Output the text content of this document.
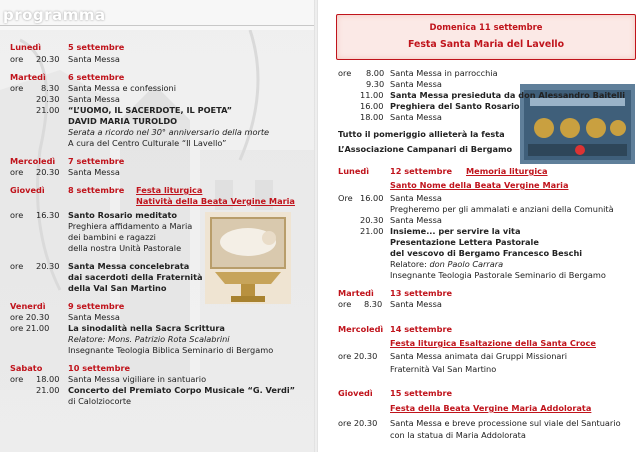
programma
Lunedì	5 settembre
ore 20.30 Santa Messa
Martedì	6 settembre
ore 8.30 Santa Messa e confessioni
20.30 Santa Messa
21.00 “L’UOMO, IL SACERDOTE, IL POETA”
DAVID MARIA TUROLDO
Serata a ricordo nel 30° anniversario della morte
A cura del Centro Culturale “Il Lavello”
Mercoledì 7 settembre
ore 20.30 Santa Messa
Giovedì	8 settembre Festa liturgica
Natività della Beata Vergine Maria
ore 16.30 Santo Rosario meditato
Preghiera affidamento a Maria
dei bambini e ragazzi
della nostra Unità Pastorale
ore 20.30 Santa Messa concelebrata
dai sacerdoti della Fraternità
della Val San Martino
Venerdì	9 settembre
ore 20.30 Santa Messa
ore 21.00 La sinodalità nella Sacra Scrittura
Relatore: Mons. Patrizio Rota Scalabrini
Insegnante Teologia Biblica Seminario di Bergamo
Sabato	10 settembre
ore 18.00 Santa Messa vigiliare in santuario
21.00 Concerto del Premiato Corpo Musicale “G. Verdi”
di Calolziocorte
Domenica 11 settembre
Festa Santa Maria del Lavello
ore 8.00 Santa Messa in parrocchia
9.30 Santa Messa
11.00 Santa Messa presieduta da don Alessandro Baitelli
16.00 Preghiera del Santo Rosario
18.00 Santa Messa
Tutto il pomeriggio allieterà la festa
L’Associazione Campanari di Bergamo
Lunedì	12 settembre Memoria liturgica
Santo Nome della Beata Vergine Maria
Ore 16.00 Santa Messa
Pregheremo per gli ammalati e anziani della Comunità
20.30 Santa Messa
21.00 Insieme... per servire la vita
Presentazione Lettera Pastorale
del vescovo di Bergamo Francesco Beschi
Relatore: don Paolo Carrara
Insegnante Teologia Pastorale Seminario di Bergamo
Martedì 13 settembre
ore 8.30 Santa Messa
Mercoledì 14 settembre
Festa liturgica Esaltazione della Santa Croce
ore 20.30 Santa Messa animata dai Gruppi Missionari
Fraternità Val San Martino
Giovedì 15 settembre
Festa della Beata Vergine Maria Addolorata
ore 20.30 Santa Messa e breve processione sul viale del Santuario
con la statua di Maria Addolorata
